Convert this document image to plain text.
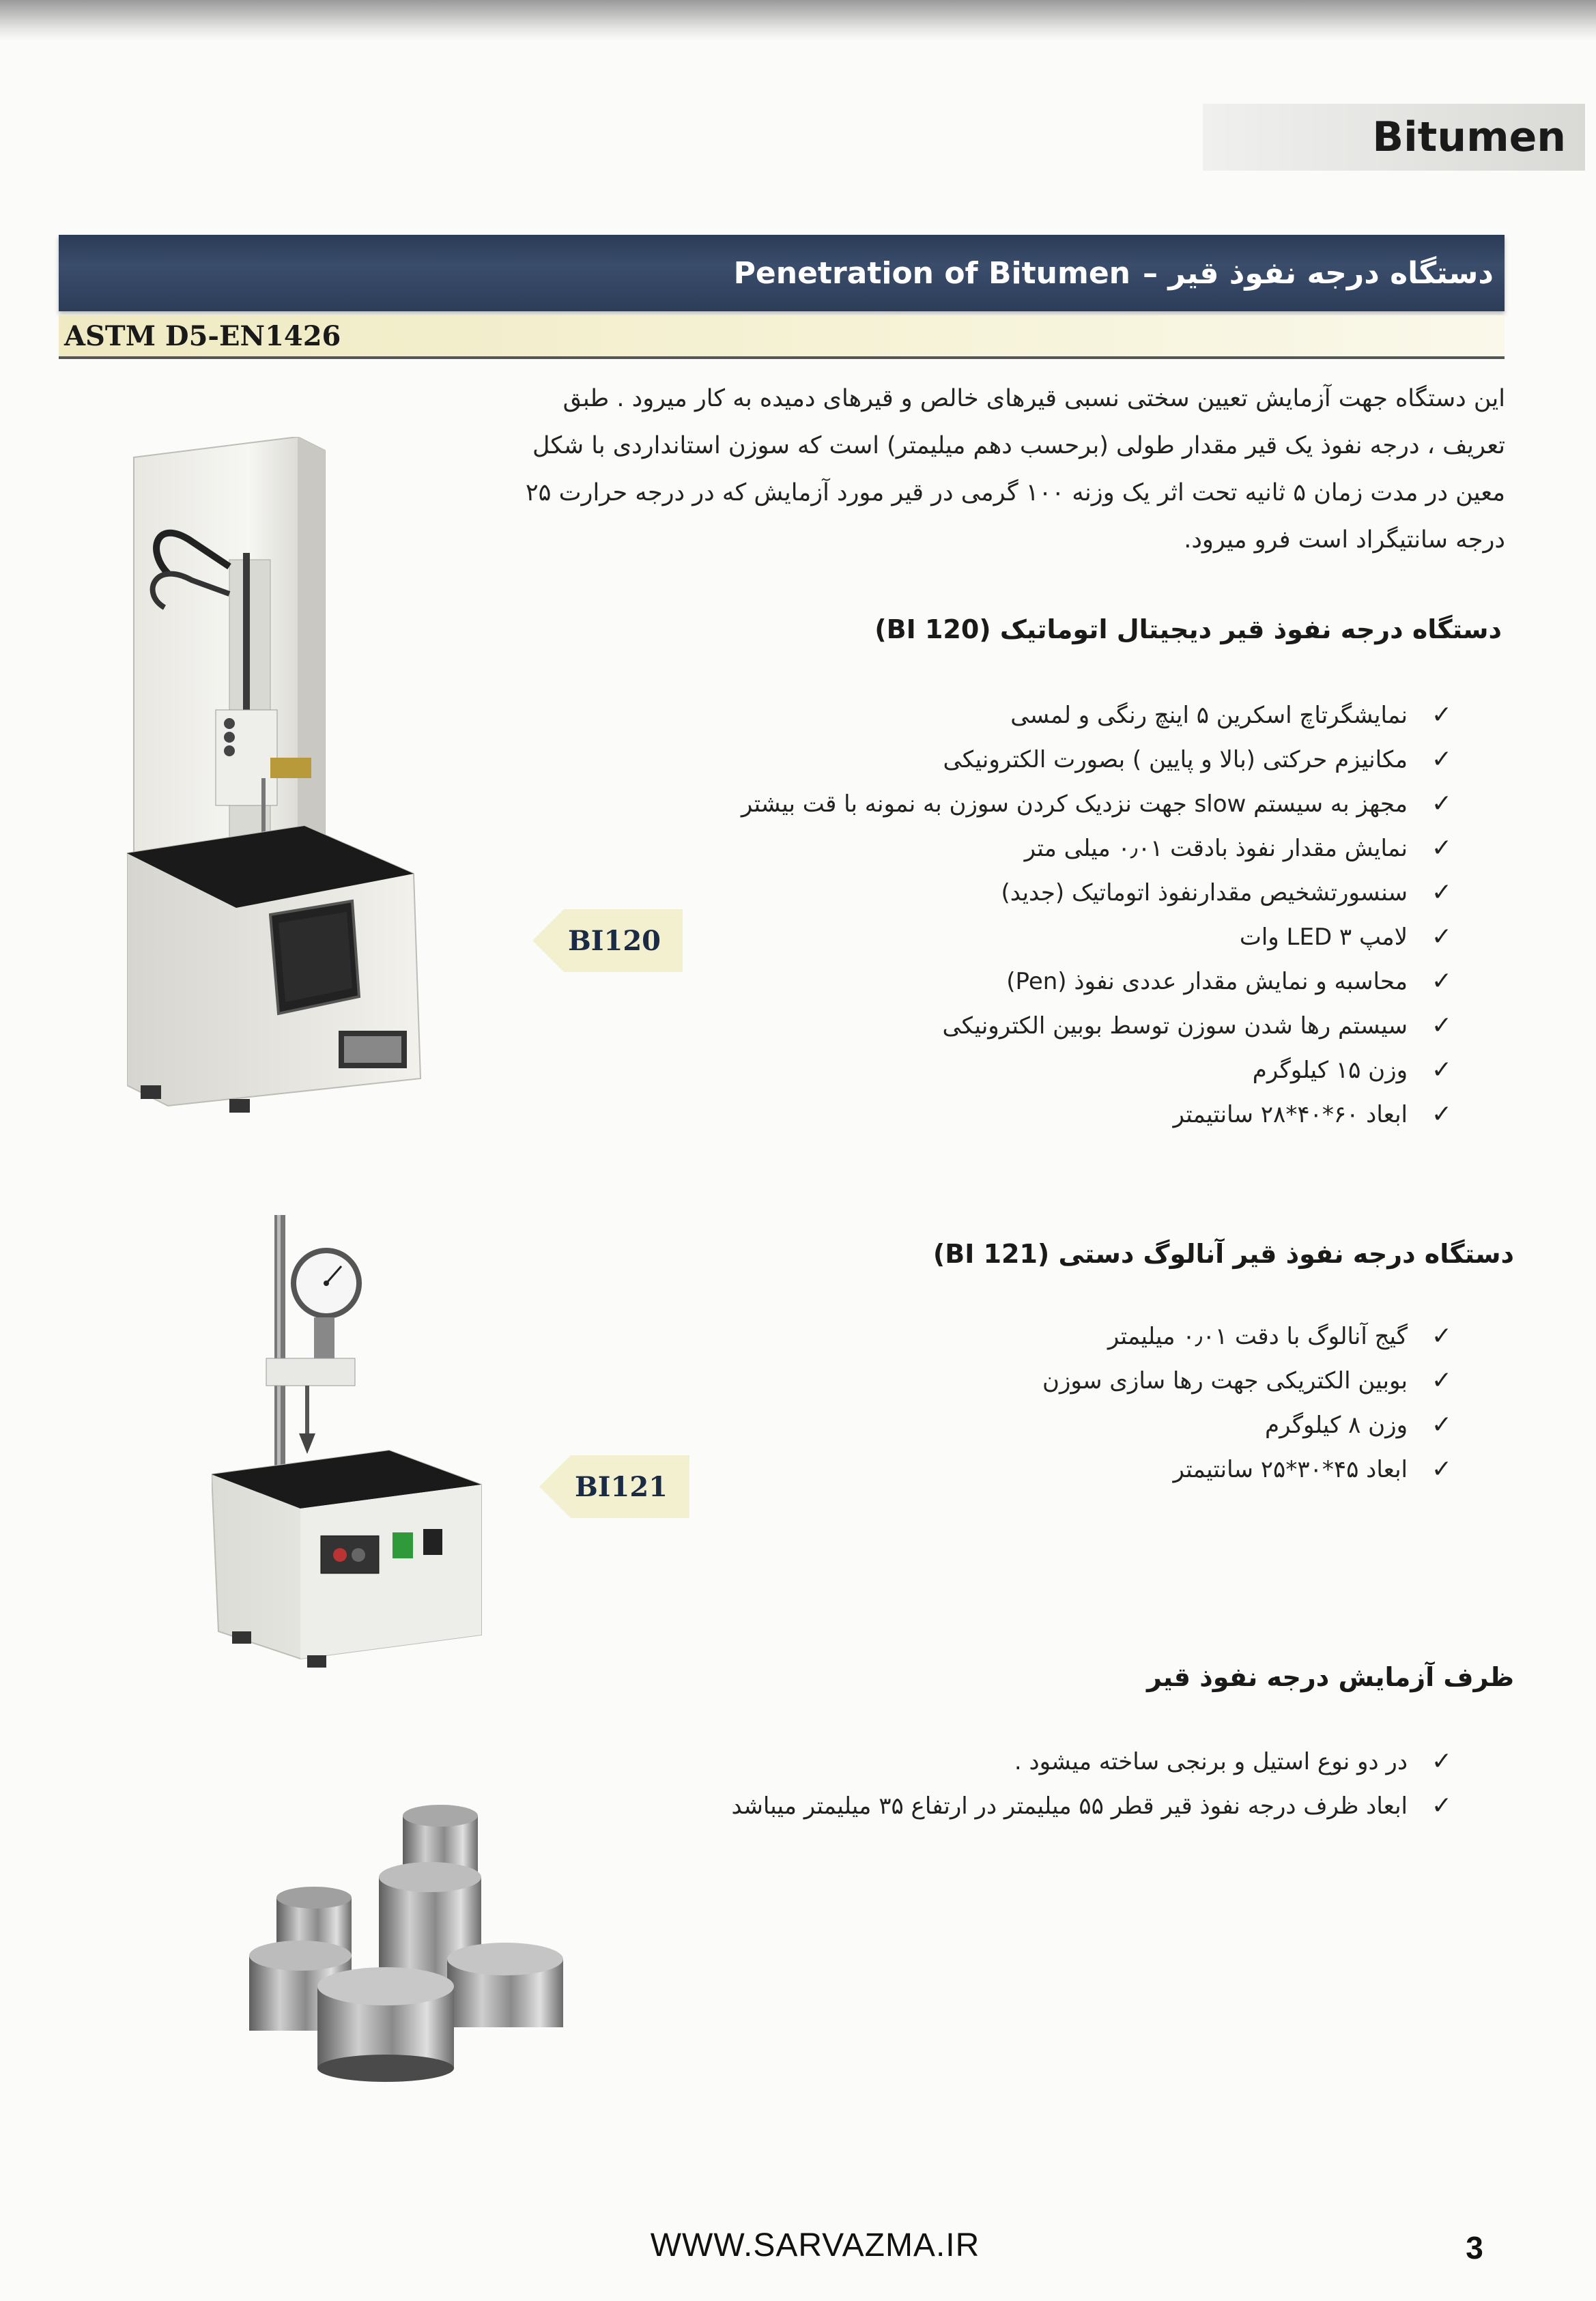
Bitumen
Penetration of Bitumen دستگاه درجه نفوذ قیر –
ASTM D5-EN1426
این دستگاه جهت آزمایش تعیین سختی نسبی قیرهای خالص و قیرهای دمیده به کار میرود . طبق تعریف ، درجه نفوذ یک قیر مقدار طولی (برحسب دهم میلیمتر) است که سوزن استانداردی با شکل معین در مدت زمان ۵ ثانیه تحت اثر یک وزنه ۱۰۰ گرمی در قیر مورد آزمایش که در درجه حرارت ۲۵ درجه سانتیگراد است فرو میرود.
BI120
دستگاه درجه نفوذ قیر دیجیتال اتوماتیک (BI 120)
✓
نمایشگرتاچ اسکرین ۵ اینچ رنگی و لمسی
✓
مکانیزم حرکتی (بالا و پایین ) بصورت الکترونیکی
✓
مجهز به سیستم slow جهت نزدیک کردن سوزن به نمونه با قت بیشتر
✓
نمایش مقدار نفوذ بادقت ۰٫۰۱ میلی متر
✓
سنسورتشخیص مقدارنفوذ اتوماتیک (جدید)
✓
لامپ LED ۳ وات
✓
محاسبه و نمایش مقدار عددی نفوذ (Pen)
✓
سیستم رها شدن سوزن توسط بوبین الکترونیکی
✓
وزن ۱۵ کیلوگرم
✓
ابعاد ۶۰*۴۰*۲۸ سانتیمتر
BI121
دستگاه درجه نفوذ قیر آنالوگ دستی (BI 121)
✓
گیج آنالوگ با دقت ۰٫۰۱ میلیمتر
✓
بوبین الکتریکی جهت رها سازی سوزن
✓
وزن ۸ کیلوگرم
✓
ابعاد ۴۵*۳۰*۲۵ سانتیمتر
ظرف آزمایش درجه نفوذ قیر
✓
در دو نوع استیل و برنجی ساخته میشود .
✓
ابعاد ظرف درجه نفوذ قیر قطر ۵۵ میلیمتر در ارتفاع ۳۵ میلیمتر میباشد
WWW.SARVAZMA.IR	3
